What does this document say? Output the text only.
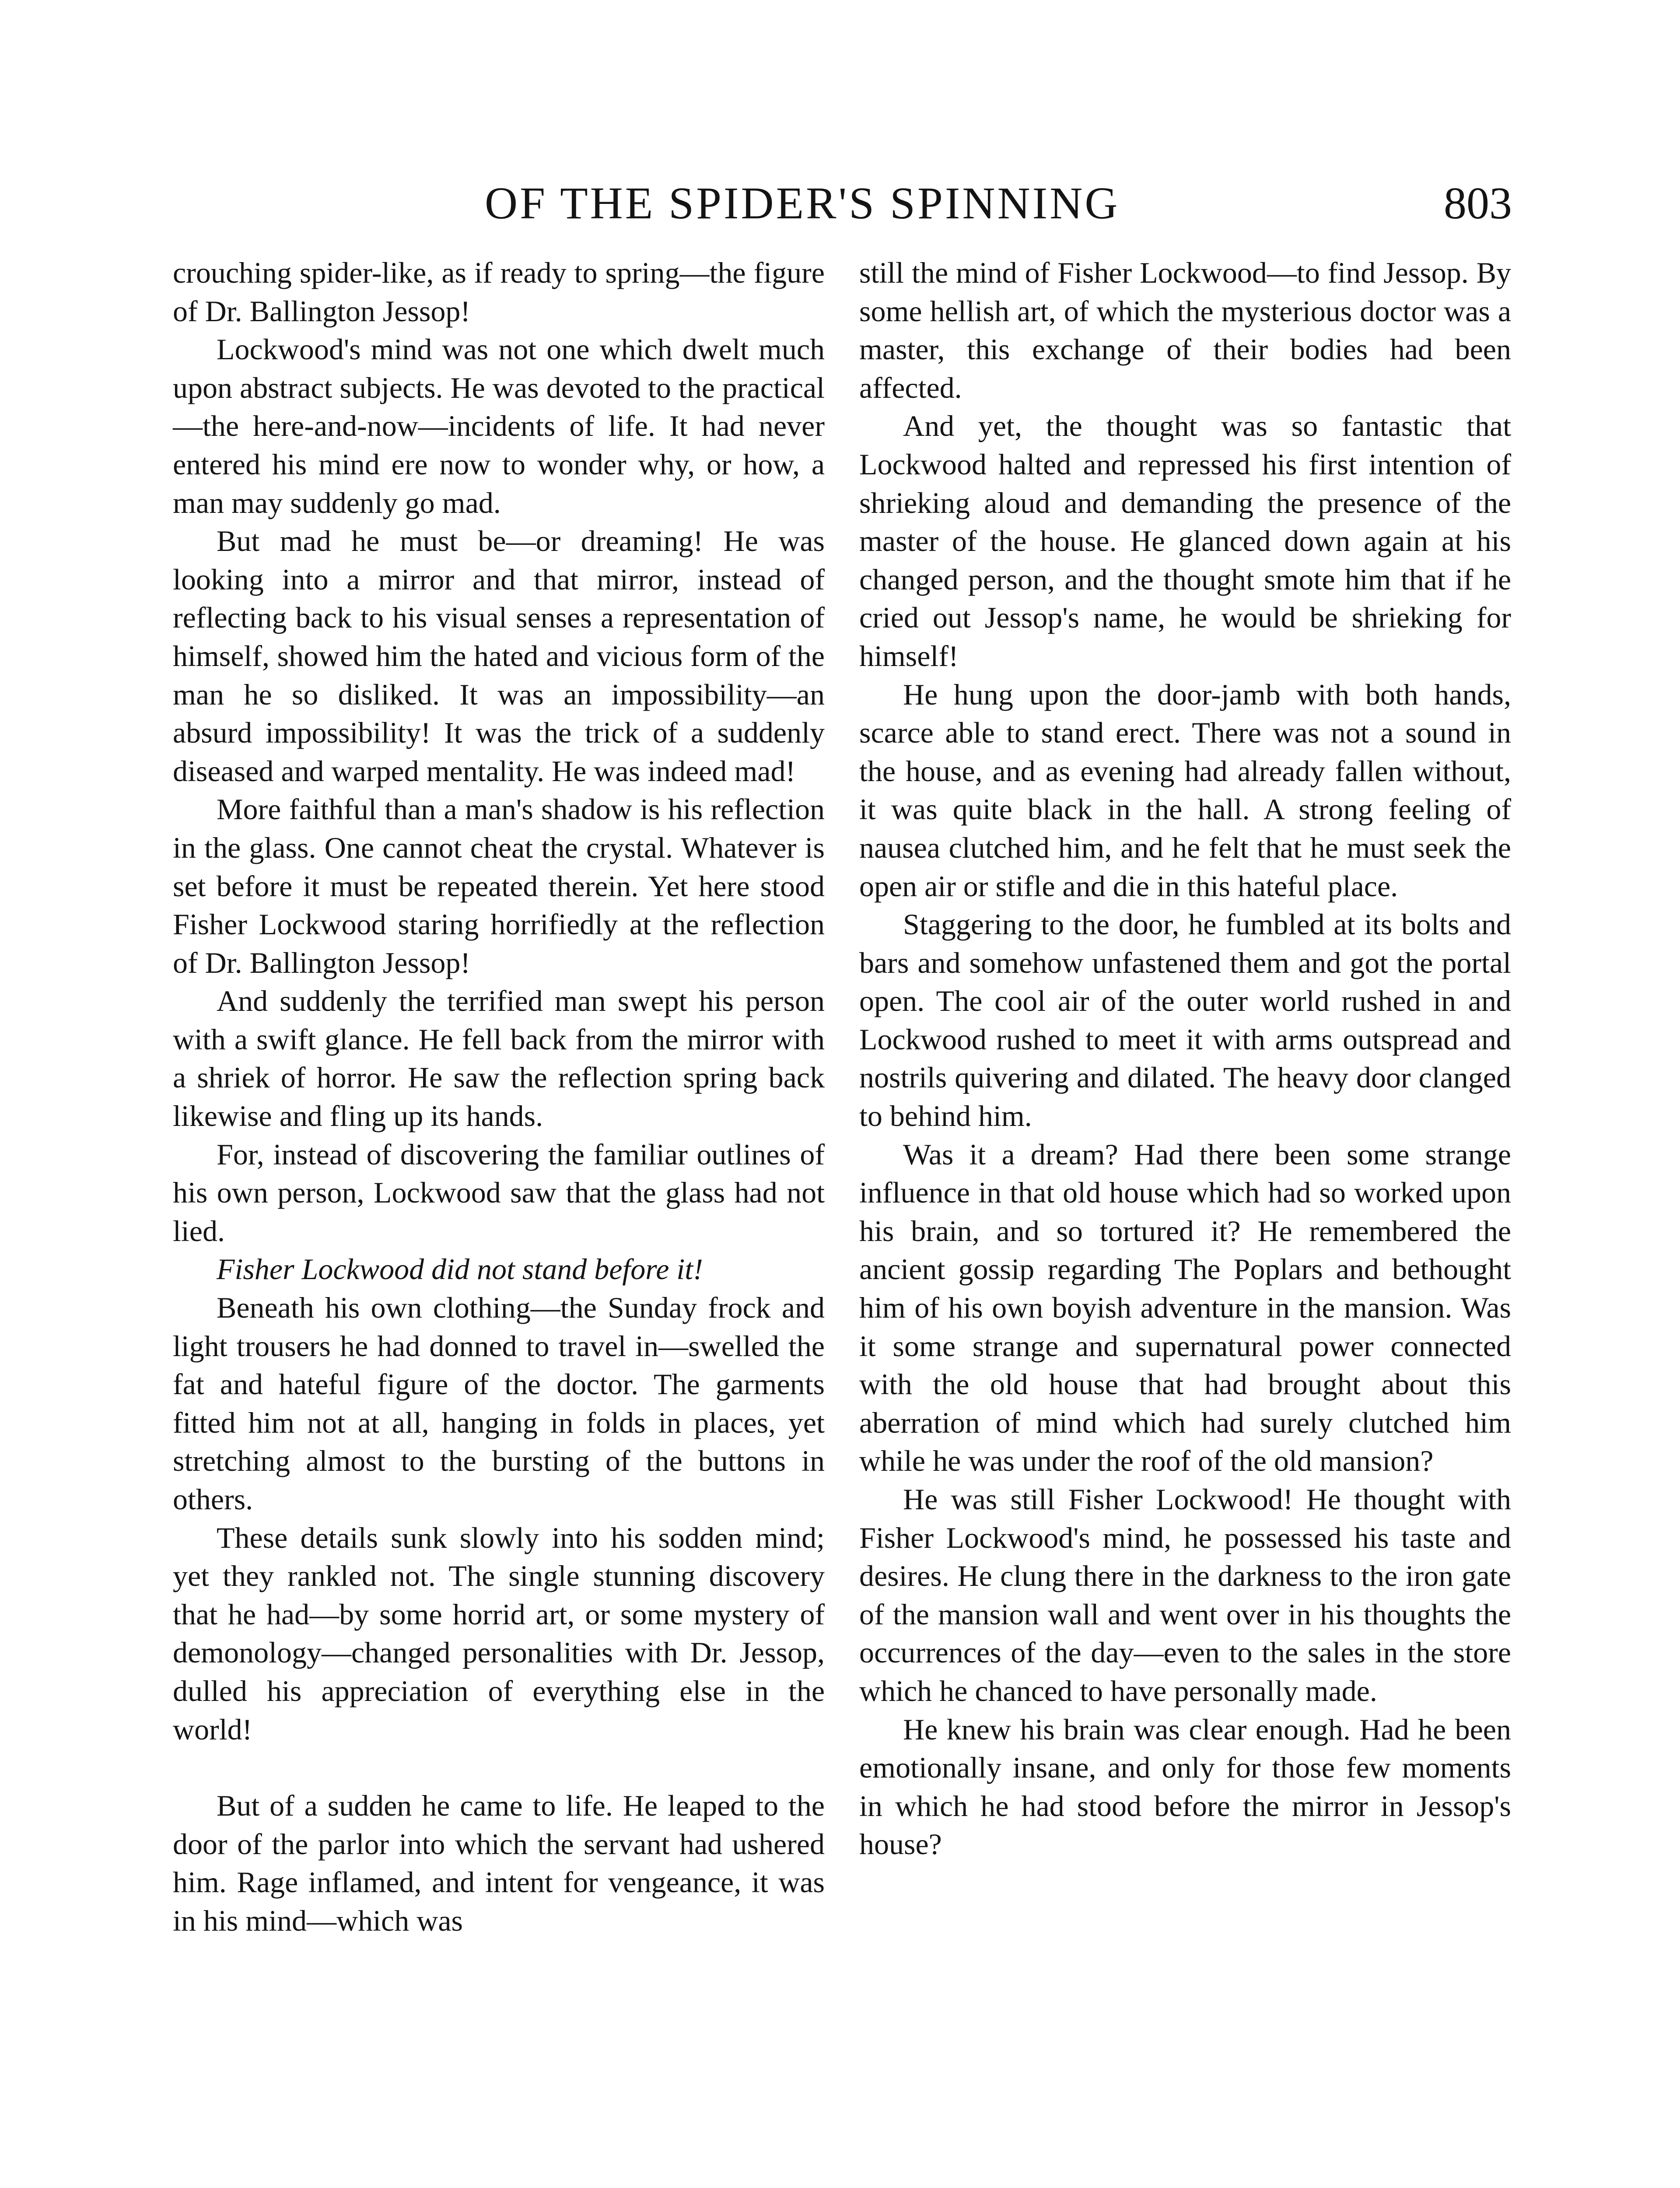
OF THE SPIDER'S SPINNING	803

crouching spider-like, as if ready to spring—the figure of Dr. Ballington Jessop!

Lockwood's mind was not one which dwelt much upon abstract subjects. He was devoted to the practical—the here-and-now—incidents of life. It had never entered his mind ere now to wonder why, or how, a man may suddenly go mad.

But mad he must be—or dreaming! He was looking into a mirror and that mirror, instead of reflecting back to his visual senses a representation of himself, showed him the hated and vicious form of the man he so disliked. It was an impossibility—an absurd impossibility! It was the trick of a suddenly diseased and warped mentality. He was indeed mad!

More faithful than a man's shadow is his reflection in the glass. One cannot cheat the crystal. Whatever is set before it must be repeated therein. Yet here stood Fisher Lockwood staring horrifiedly at the reflection of Dr. Ballington Jessop!

And suddenly the terrified man swept his person with a swift glance. He fell back from the mirror with a shriek of horror. He saw the reflection spring back likewise and fling up its hands.

For, instead of discovering the familiar outlines of his own person, Lockwood saw that the glass had not lied.

Fisher Lockwood did not stand before it!

Beneath his own clothing—the Sunday frock and light trousers he had donned to travel in—swelled the fat and hateful figure of the doctor. The garments fitted him not at all, hanging in folds in places, yet stretching almost to the bursting of the buttons in others.

These details sunk slowly into his sodden mind; yet they rankled not. The single stunning discovery that he had—by some horrid art, or some mystery of demonology—changed personalities with Dr. Jessop, dulled his appreciation of everything else in the world!

But of a sudden he came to life. He leaped to the door of the parlor into which the servant had ushered him. Rage inflamed, and intent for vengeance, it was in his mind—which was

still the mind of Fisher Lockwood—to find Jessop. By some hellish art, of which the mysterious doctor was a master, this exchange of their bodies had been affected.

And yet, the thought was so fantastic that Lockwood halted and repressed his first intention of shrieking aloud and demanding the presence of the master of the house. He glanced down again at his changed person, and the thought smote him that if he cried out Jessop's name, he would be shrieking for himself!

He hung upon the door-jamb with both hands, scarce able to stand erect. There was not a sound in the house, and as evening had already fallen without, it was quite black in the hall. A strong feeling of nausea clutched him, and he felt that he must seek the open air or stifle and die in this hateful place.

Staggering to the door, he fumbled at its bolts and bars and somehow unfastened them and got the portal open. The cool air of the outer world rushed in and Lockwood rushed to meet it with arms outspread and nostrils quivering and dilated. The heavy door clanged to behind him.

Was it a dream? Had there been some strange influence in that old house which had so worked upon his brain, and so tortured it? He remembered the ancient gossip regarding The Poplars and bethought him of his own boyish adventure in the mansion. Was it some strange and supernatural power connected with the old house that had brought about this aberration of mind which had surely clutched him while he was under the roof of the old mansion?

He was still Fisher Lockwood! He thought with Fisher Lockwood's mind, he possessed his taste and desires. He clung there in the darkness to the iron gate of the mansion wall and went over in his thoughts the occurrences of the day—even to the sales in the store which he chanced to have personally made.

He knew his brain was clear enough. Had he been emotionally insane, and only for those few moments in which he had stood before the mirror in Jessop's house?
